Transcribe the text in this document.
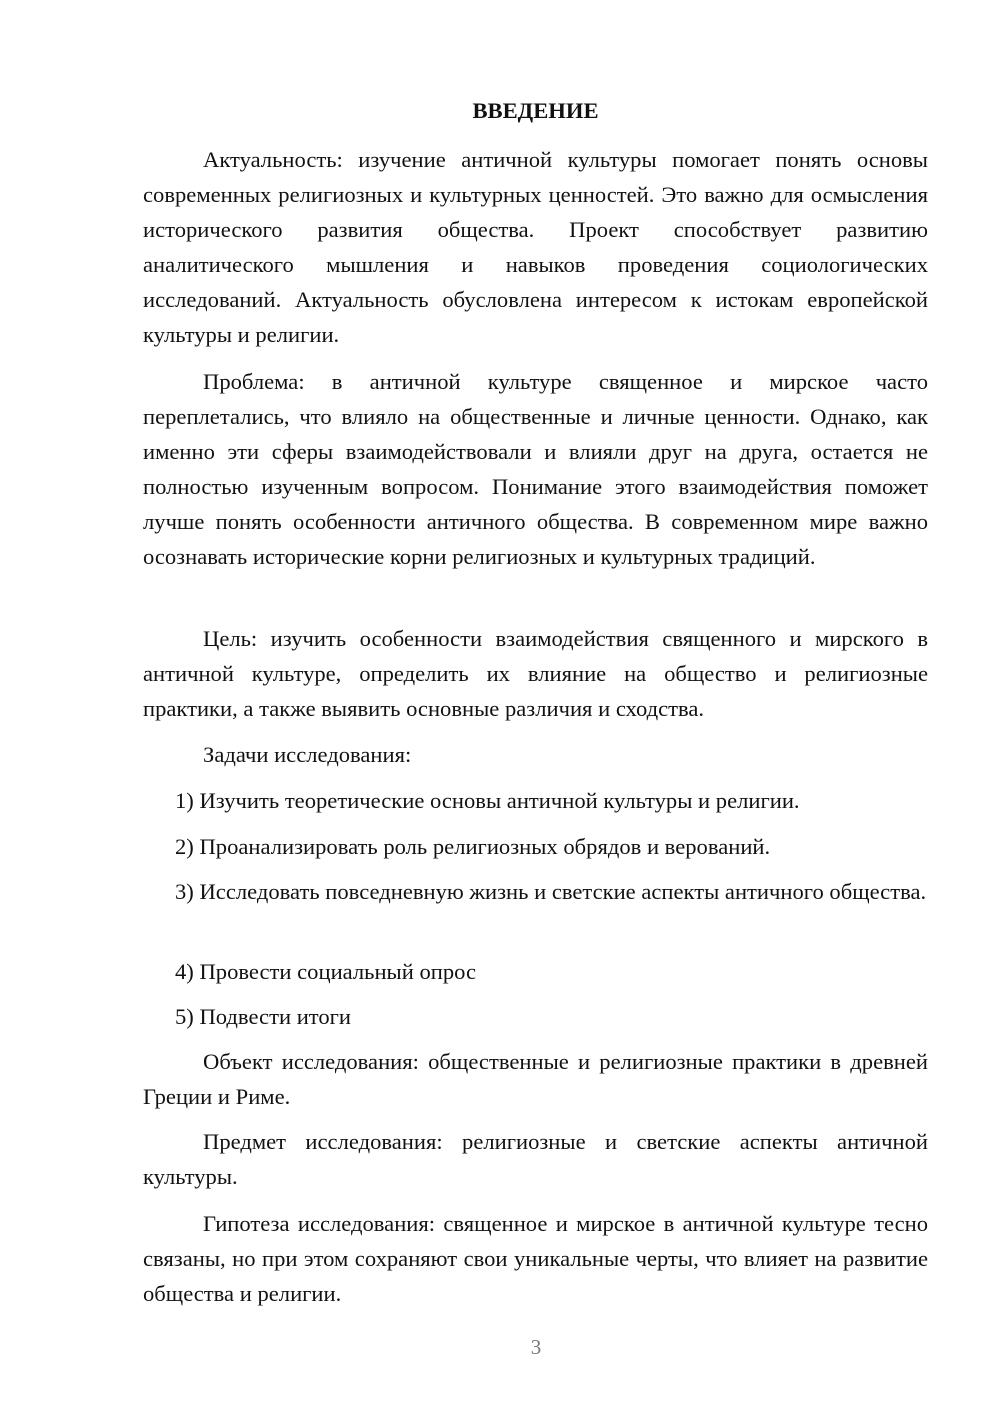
ВВЕДЕНИЕ

Актуальность: изучение античной культуры помогает понять основы современных религиозных и культурных ценностей. Это важно для осмысления исторического развития общества. Проект способствует развитию аналитического мышления и навыков проведения социологических исследований. Актуальность обусловлена интересом к истокам европейской культуры и религии.

Проблема: в античной культуре священное и мирское часто переплетались, что влияло на общественные и личные ценности. Однако, как именно эти сферы взаимодействовали и влияли друг на друга, остается не полностью изученным вопросом. Понимание этого взаимодействия поможет лучше понять особенности античного общества. В современном мире важно осознавать исторические корни религиозных и культурных традиций.

Цель: изучить особенности взаимодействия священного и мирского в античной культуре, определить их влияние на общество и религиозные практики, а также выявить основные различия и сходства.

Задачи исследования:

1) Изучить теоретические основы античной культуры и религии.

2) Проанализировать роль религиозных обрядов и верований.

3) Исследовать повседневную жизнь и светские аспекты античного общества.

4) Провести социальный опрос

5) Подвести итоги

Объект исследования: общественные и религиозные практики в древней Греции и Риме.

Предмет исследования: религиозные и светские аспекты античной культуры.

Гипотеза исследования: священное и мирское в античной культуре тесно связаны, но при этом сохраняют свои уникальные черты, что влияет на развитие общества и религии.

3
